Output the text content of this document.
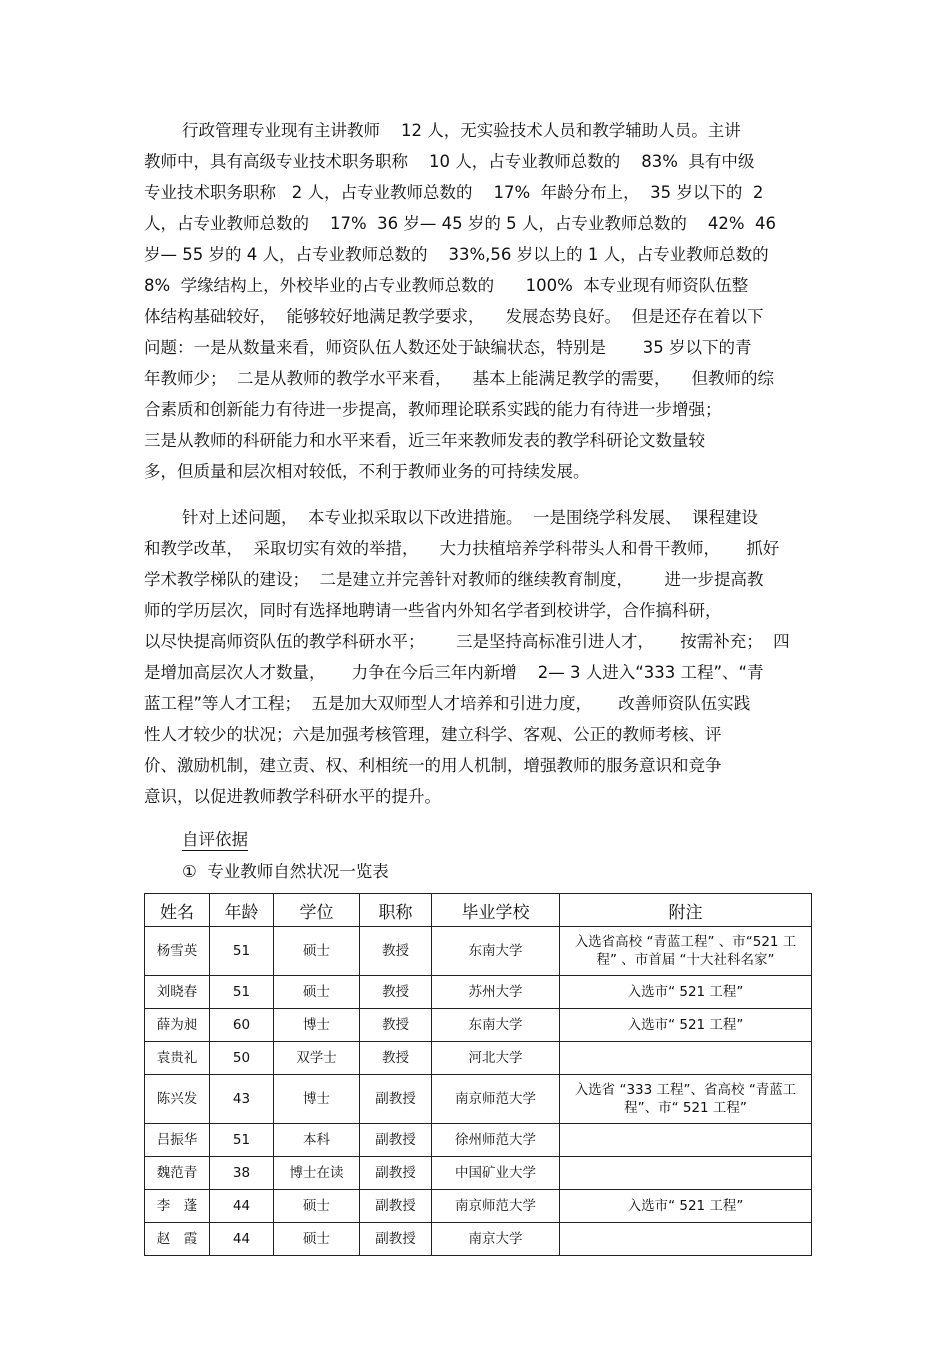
行政管理专业现有主讲教师    12 人，无实验技术人员和教学辅助人员。主讲
教师中，具有高级专业技术职务职称    10 人，占专业教师总数的    83%  具有中级
专业技术职务职称   2 人，占专业教师总数的    17%  年龄分布上，  35 岁以下的  2
人，占专业教师总数的    17%  36 岁— 45 岁的 5 人，占专业教师总数的    42%  46
岁— 55 岁的 4 人，占专业教师总数的    33%,56 岁以上的 1 人，占专业教师总数的
8%  学缘结构上，外校毕业的占专业教师总数的      100%  本专业现有师资队伍整
体结构基础较好，  能够较好地满足教学要求，    发展态势良好。  但是还存在着以下
问题：一是从数量来看，师资队伍人数还处于缺编状态，特别是       35 岁以下的青
年教师少；  二是从教师的教学水平来看，    基本上能满足教学的需要，    但教师的综
合素质和创新能力有待进一步提高，教师理论联系实践的能力有待进一步增强；
三是从教师的科研能力和水平来看，近三年来教师发表的教学科研论文数量较
多，但质量和层次相对较低，不利于教师业务的可持续发展。
针对上述问题，  本专业拟采取以下改进措施。  一是围绕学科发展、  课程建设
和教学改革，  采取切实有效的举措，    大力扶植培养学科带头人和骨干教师，     抓好
学术教学梯队的建设；  二是建立并完善针对教师的继续教育制度，      进一步提高教
师的学历层次，同时有选择地聘请一些省内外知名学者到校讲学，合作搞科研，
以尽快提高师资队伍的教学科研水平；      三是坚持高标准引进人才，     按需补充；  四
是增加高层次人才数量，     力争在今后三年内新增    2— 3 人进入“333 工程”、“青
蓝工程”等人才工程；  五是加大双师型人才培养和引进力度，     改善师资队伍实践
性人才较少的状况；六是加强考核管理，建立科学、客观、公正的教师考核、评
价、激励机制，建立责、权、利相统一的用人机制，增强教师的服务意识和竞争
意识，以促进教师教学科研水平的提升。
自评依据
①  专业教师自然状况一览表
姓名	年龄	学位	职称	毕业学校	附注
杨雪英	51	硕士	教授	东南大学	入选省高校 “青蓝工程” 、市“521 工程” 、市首届 “十大社科名家”
刘晓春	51	硕士	教授	苏州大学	入选市“ 521 工程”
薛为昶	60	博士	教授	东南大学	入选市“ 521 工程”
袁贵礼	50	双学士	教授	河北大学	
陈兴发	43	博士	副教授	南京师范大学	入选省 “333 工程”、省高校 “青蓝工程”、市“ 521 工程”
吕振华	51	本科	副教授	徐州师范大学	
魏范青	38	博士在读	副教授	中国矿业大学	
李　蓬	44	硕士	副教授	南京师范大学	入选市“ 521 工程”
赵　霞	44	硕士	副教授	南京大学	
